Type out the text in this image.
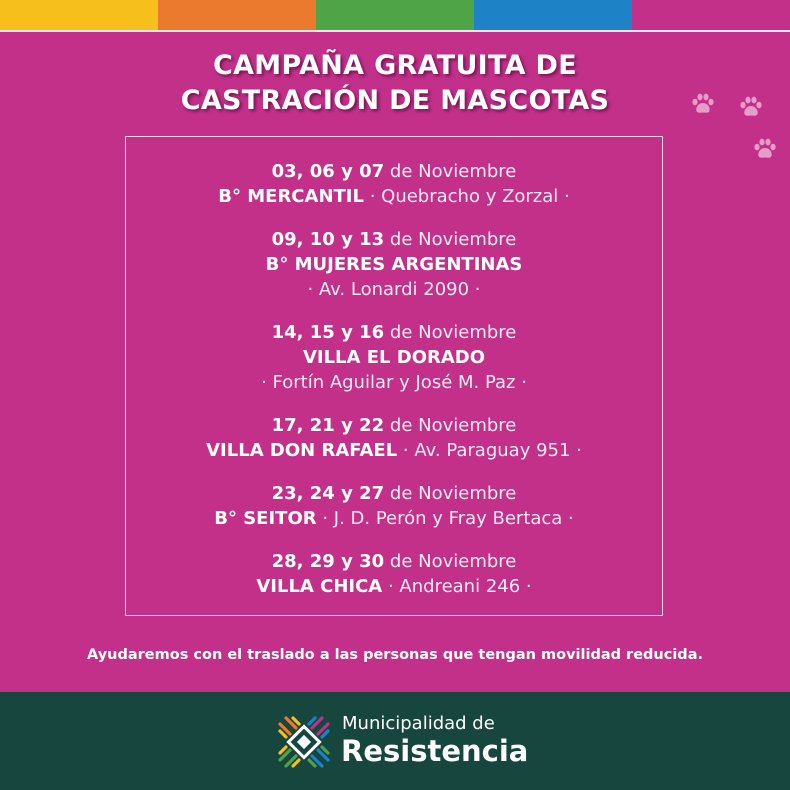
CAMPAÑA GRATUITA DE
CASTRACIÓN DE MASCOTAS
03, 06 y 07 de Noviembre
B° MERCANTIL · Quebracho y Zorzal ·
09, 10 y 13 de Noviembre
B° MUJERES ARGENTINAS
· Av. Lonardi 2090 ·
14, 15 y 16 de Noviembre
VILLA EL DORADO
· Fortín Aguilar y José M. Paz ·
17, 21 y 22 de Noviembre
VILLA DON RAFAEL · Av. Paraguay 951 ·
23, 24 y 27 de Noviembre
B° SEITOR · J. D. Perón y Fray Bertaca ·
28, 29 y 30 de Noviembre
VILLA CHICA · Andreani 246 ·
Ayudaremos con el traslado a las personas que tengan movilidad reducida.
Municipalidad de
Resistencia
